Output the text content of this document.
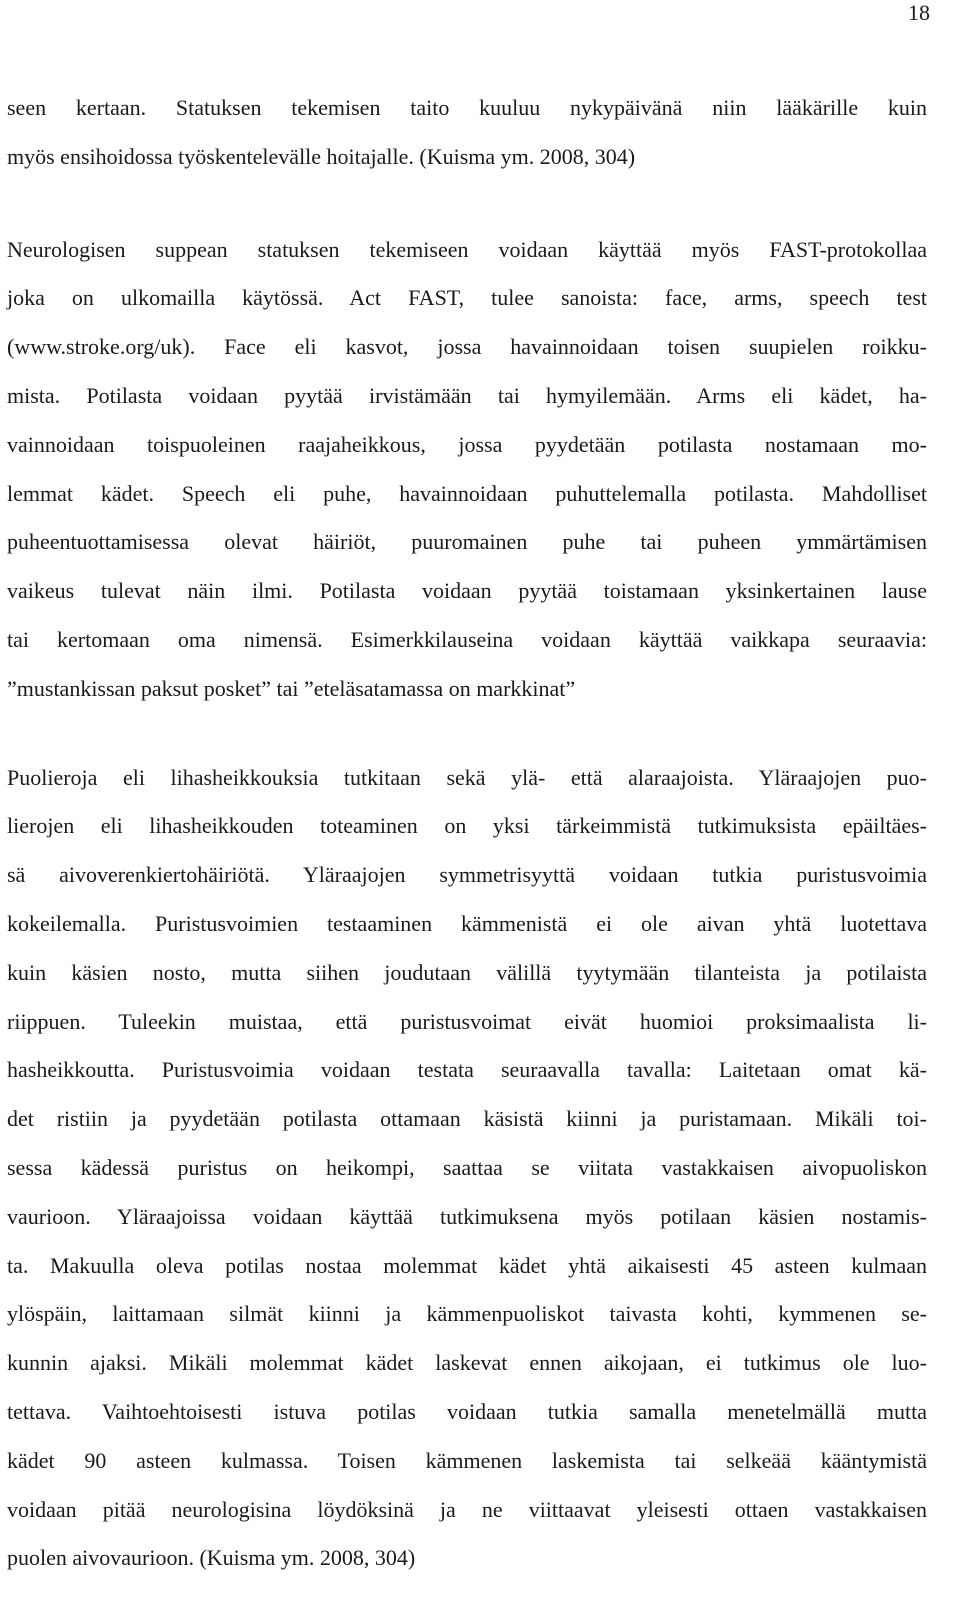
18
seen kertaan. Statuksen tekemisen taito kuuluu nykypäivänä niin lääkärille kuin
myös ensihoidossa työskentelevälle hoitajalle. (Kuisma ym. 2008, 304)
Neurologisen suppean statuksen tekemiseen voidaan käyttää myös FAST-protokollaa
joka on ulkomailla käytössä. Act FAST, tulee sanoista: face, arms, speech test
(www.stroke.org/uk). Face eli kasvot, jossa havainnoidaan toisen suupielen roikku-
mista. Potilasta voidaan pyytää irvistämään tai hymyilemään. Arms eli kädet, ha-
vainnoidaan toispuoleinen raajaheikkous, jossa pyydetään potilasta nostamaan mo-
lemmat kädet. Speech eli puhe, havainnoidaan puhuttelemalla potilasta. Mahdolliset
puheentuottamisessa olevat häiriöt, puuromainen puhe tai puheen ymmärtämisen
vaikeus tulevat näin ilmi. Potilasta voidaan pyytää toistamaan yksinkertainen lause
tai kertomaan oma nimensä. Esimerkkilauseina voidaan käyttää vaikkapa seuraavia:
”mustankissan paksut posket” tai ”eteläsatamassa on markkinat”
Puolieroja eli lihasheikkouksia tutkitaan sekä ylä- että alaraajoista. Yläraajojen puo-
lierojen eli lihasheikkouden toteaminen on yksi tärkeimmistä tutkimuksista epäiltäes-
sä aivoverenkiertohäiriötä. Yläraajojen symmetrisyyttä voidaan tutkia puristusvoimia
kokeilemalla. Puristusvoimien testaaminen kämmenistä ei ole aivan yhtä luotettava
kuin käsien nosto, mutta siihen joudutaan välillä tyytymään tilanteista ja potilaista
riippuen. Tuleekin muistaa, että puristusvoimat eivät huomioi proksimaalista li-
hasheikkoutta. Puristusvoimia voidaan testata seuraavalla tavalla: Laitetaan omat kä-
det ristiin ja pyydetään potilasta ottamaan käsistä kiinni ja puristamaan. Mikäli toi-
sessa kädessä puristus on heikompi, saattaa se viitata vastakkaisen aivopuoliskon
vaurioon. Yläraajoissa voidaan käyttää tutkimuksena myös potilaan käsien nostamis-
ta. Makuulla oleva potilas nostaa molemmat kädet yhtä aikaisesti 45 asteen kulmaan
ylöspäin, laittamaan silmät kiinni ja kämmenpuoliskot taivasta kohti, kymmenen se-
kunnin ajaksi. Mikäli molemmat kädet laskevat ennen aikojaan, ei tutkimus ole luo-
tettava. Vaihtoehtoisesti istuva potilas voidaan tutkia samalla menetelmällä mutta
kädet 90 asteen kulmassa. Toisen kämmenen laskemista tai selkeää kääntymistä
voidaan pitää neurologisina löydöksinä ja ne viittaavat yleisesti ottaen vastakkaisen
puolen aivovaurioon. (Kuisma ym. 2008, 304)
